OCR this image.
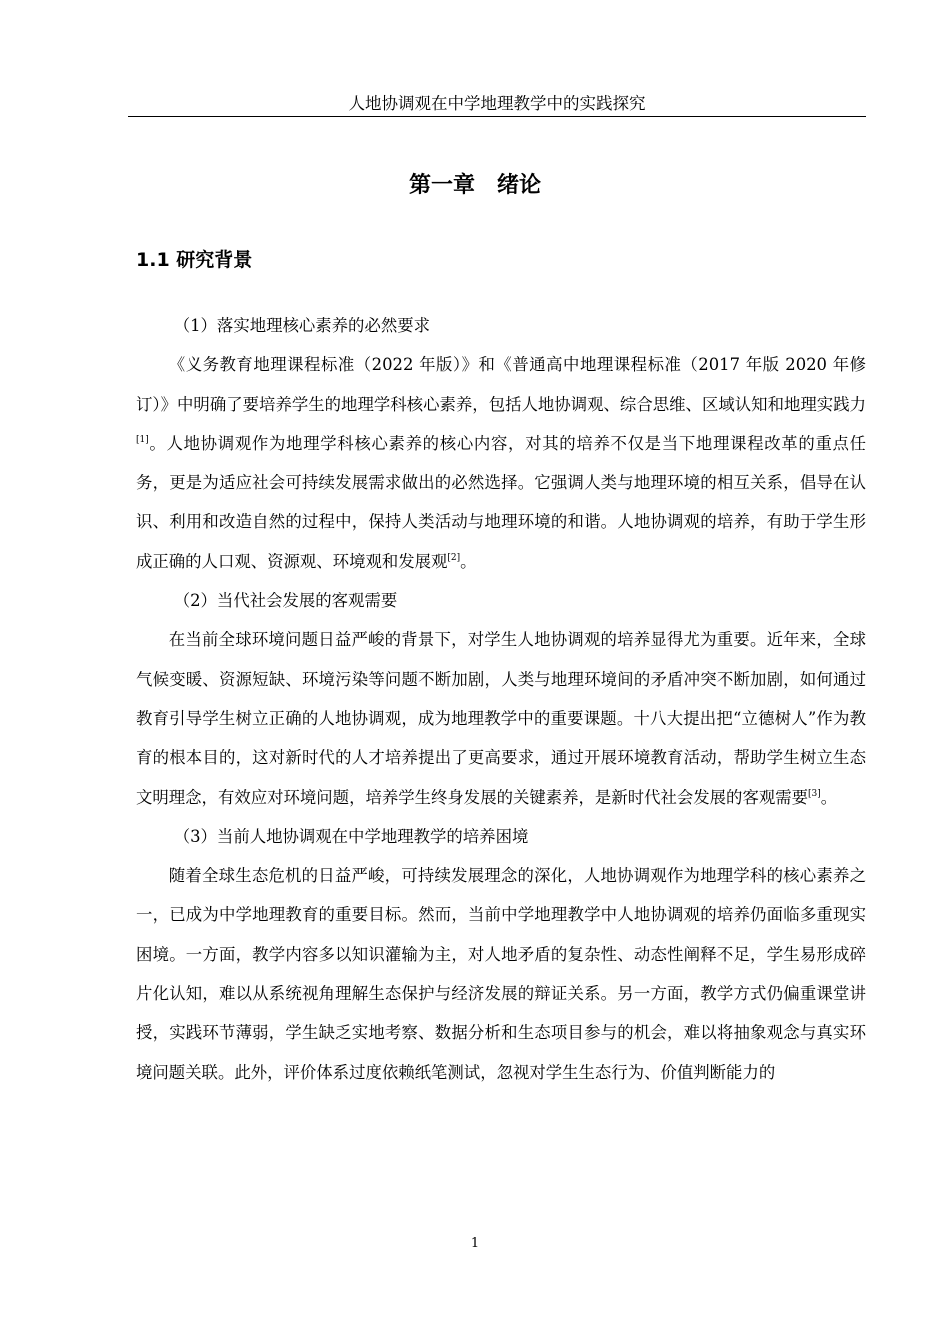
人地协调观在中学地理教学中的实践探究
第一章　绪论
1.1 研究背景

（1）落实地理核心素养的必然要求

《义务教育地理课程标准（2022 年版）》和《普通高中地理课程标准（2017 年版 2020 年修订）》中明确了要培养学生的地理学科核心素养，包括人地协调观、综合思维、区域认知和地理实践力[1]。人地协调观作为地理学科核心素养的核心内容，对其的培养不仅是当下地理课程改革的重点任务，更是为适应社会可持续发展需求做出的必然选择。它强调人类与地理环境的相互关系，倡导在认识、利用和改造自然的过程中，保持人类活动与地理环境的和谐。人地协调观的培养，有助于学生形成正确的人口观、资源观、环境观和发展观[2]。

（2）当代社会发展的客观需要

在当前全球环境问题日益严峻的背景下，对学生人地协调观的培养显得尤为重要。近年来，全球气候变暖、资源短缺、环境污染等问题不断加剧，人类与地理环境间的矛盾冲突不断加剧，如何通过教育引导学生树立正确的人地协调观，成为地理教学中的重要课题。十八大提出把“立德树人”作为教育的根本目的，这对新时代的人才培养提出了更高要求，通过开展环境教育活动，帮助学生树立生态文明理念，有效应对环境问题，培养学生终身发展的关键素养，是新时代社会发展的客观需要[3]。

（3）当前人地协调观在中学地理教学的培养困境

随着全球生态危机的日益严峻，可持续发展理念的深化，人地协调观作为地理学科的核心素养之一，已成为中学地理教育的重要目标。然而，当前中学地理教学中人地协调观的培养仍面临多重现实困境。一方面，教学内容多以知识灌输为主，对人地矛盾的复杂性、动态性阐释不足，学生易形成碎片化认知，难以从系统视角理解生态保护与经济发展的辩证关系。另一方面，教学方式仍偏重课堂讲授，实践环节薄弱，学生缺乏实地考察、数据分析和生态项目参与的机会，难以将抽象观念与真实环境问题关联。此外，评价体系过度依赖纸笔测试，忽视对学生生态行为、价值判断能力的

1
